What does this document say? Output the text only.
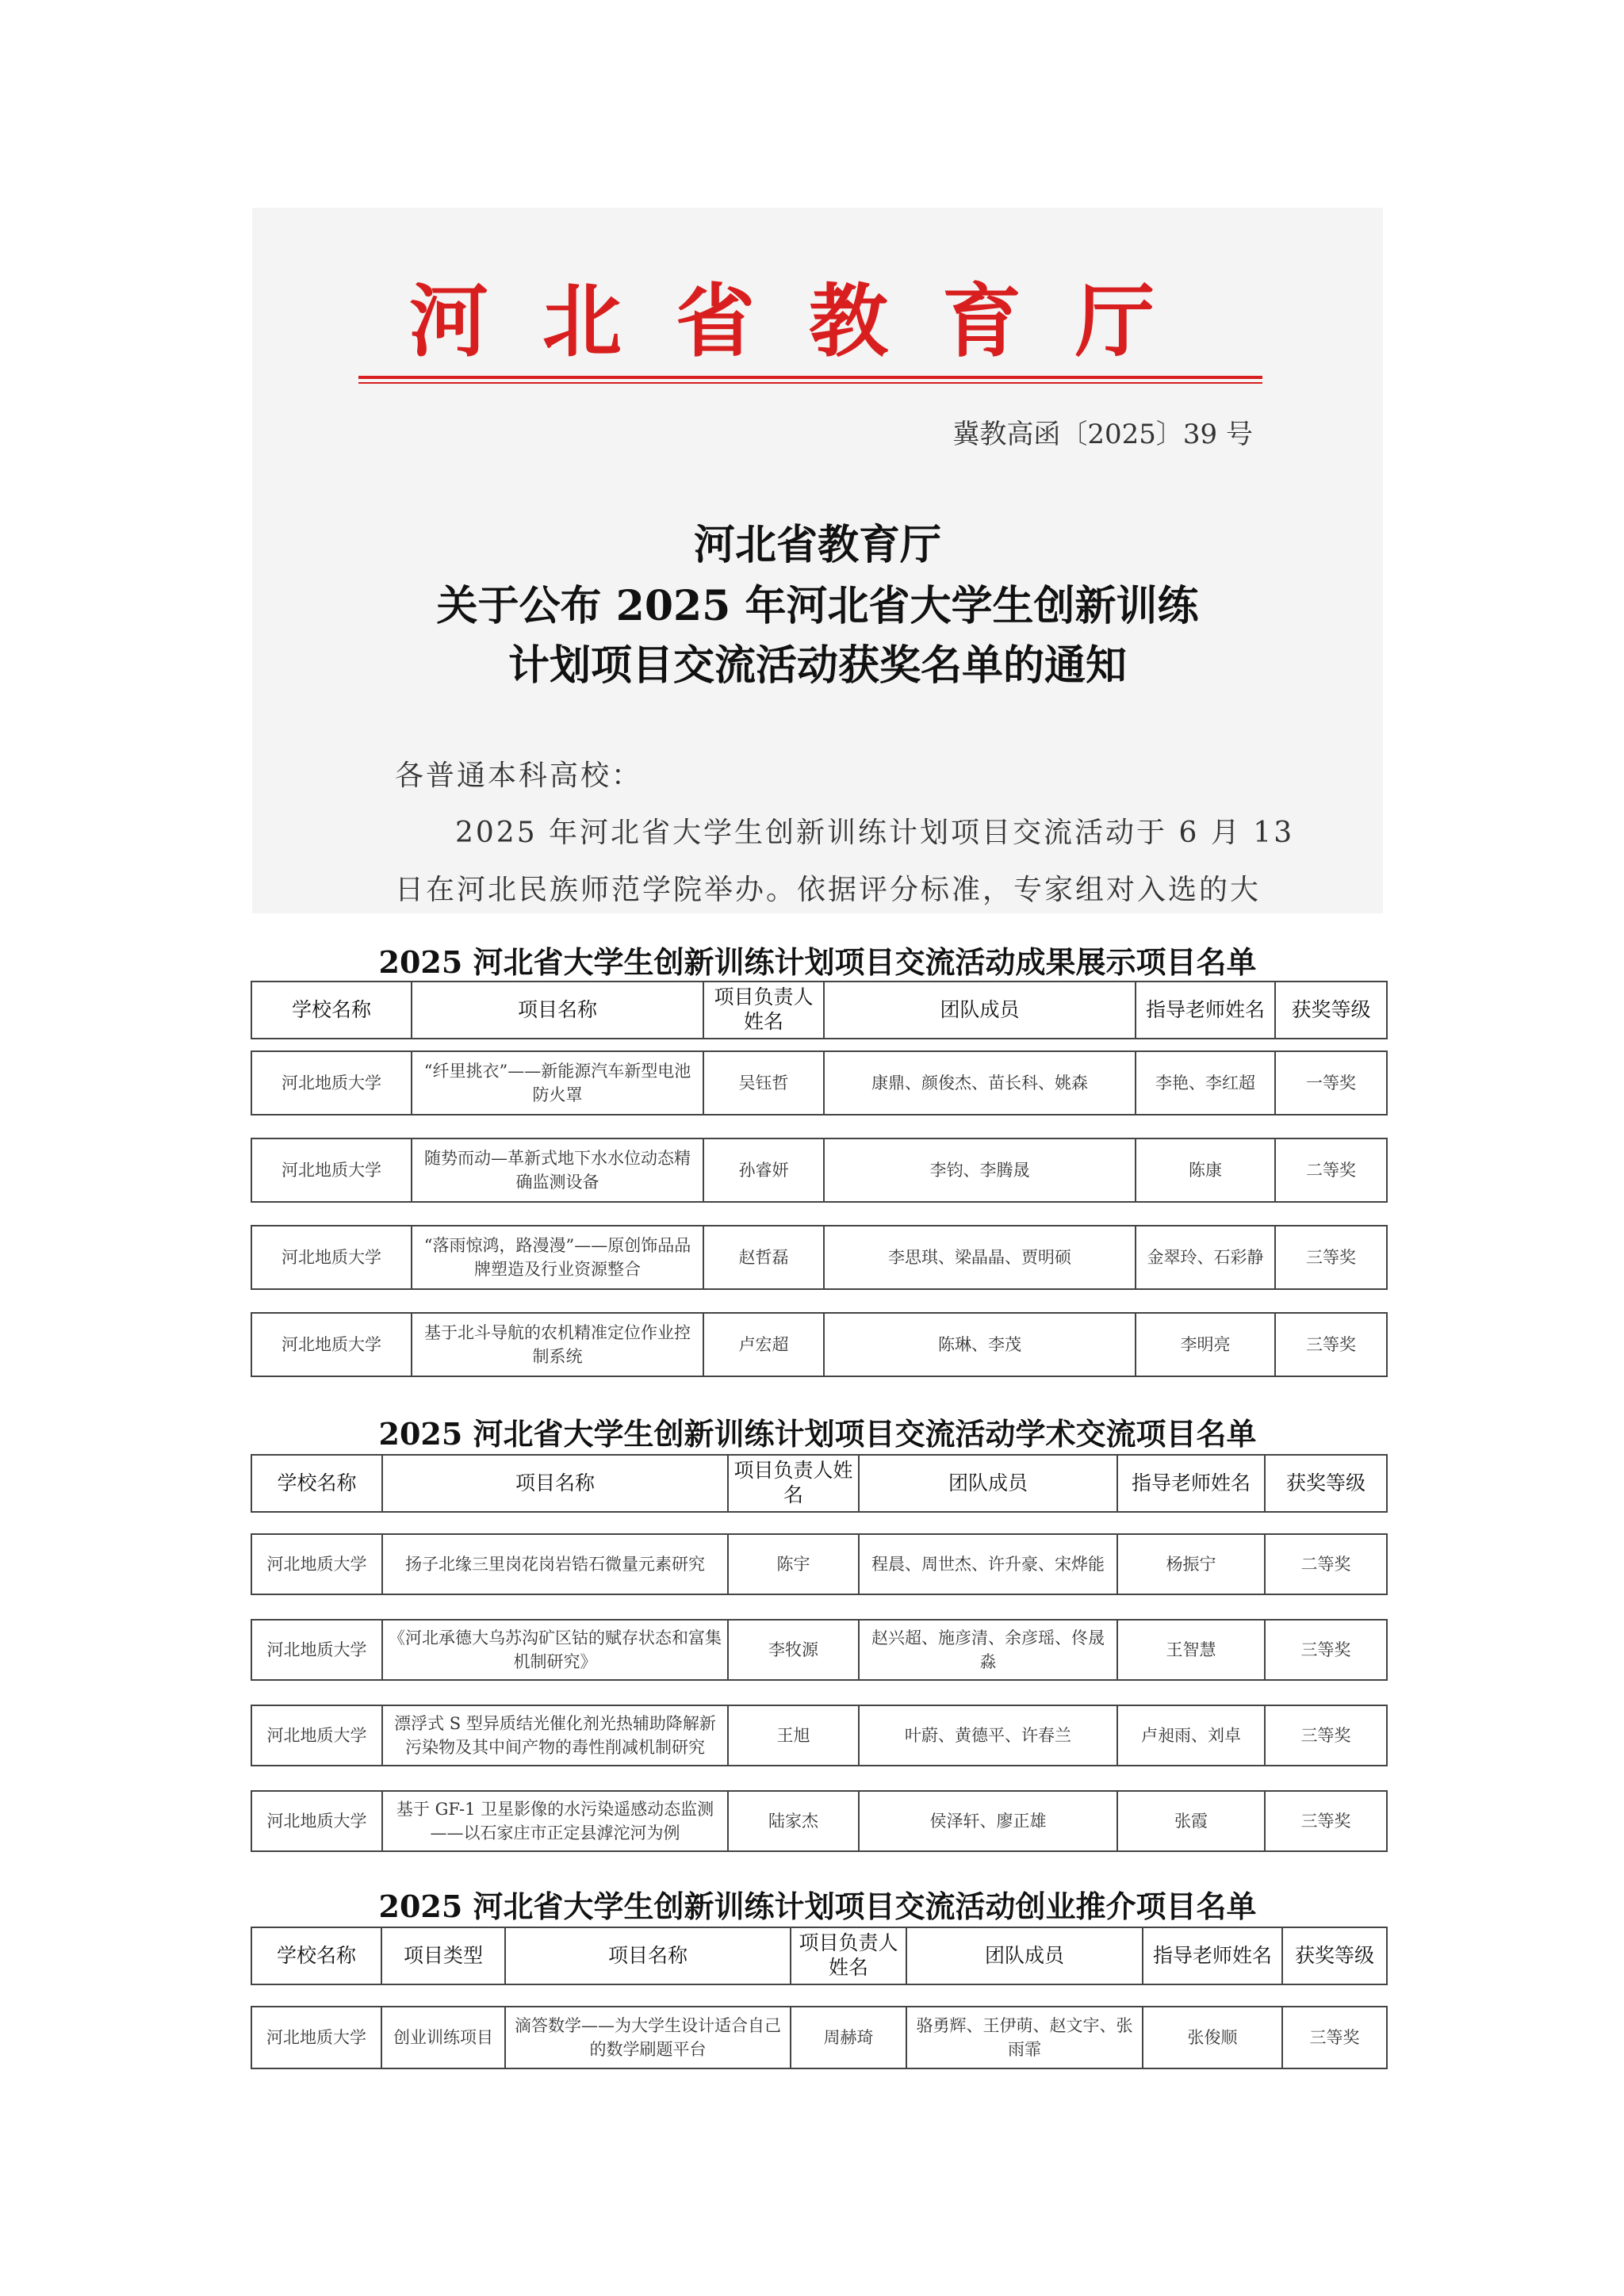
河北省教育厅
冀教高函〔2025〕39 号
河北省教育厅
关于公布 2025 年河北省大学生创新训练
计划项目交流活动获奖名单的通知
各普通本科高校：
2025 年河北省大学生创新训练计划项目交流活动于 6 月 13
日在河北民族师范学院举办。依据评分标准，专家组对入选的大
2025 河北省大学生创新训练计划项目交流活动成果展示项目名单
学校名称	项目名称	项目负责人姓名	团队成员	指导老师姓名	获奖等级

河北地质大学	“纤里挑衣”——新能源汽车新型电池防火罩	吴钰哲	康鼎、颜俊杰、苗长科、姚森	李艳、李红超	一等奖

河北地质大学	随势而动—革新式地下水水位动态精确监测设备	孙睿妍	李钧、李腾晟	陈康	二等奖

河北地质大学	“落雨惊鸿，路漫漫”——原创饰品品牌塑造及行业资源整合	赵哲磊	李思琪、梁晶晶、贾明硕	金翠玲、石彩静	三等奖

河北地质大学	基于北斗导航的农机精准定位作业控制系统	卢宏超	陈琳、李茂	李明亮	三等奖
2025 河北省大学生创新训练计划项目交流活动学术交流项目名单
学校名称	项目名称	项目负责人姓名	团队成员	指导老师姓名	获奖等级

河北地质大学	扬子北缘三里岗花岗岩锆石微量元素研究	陈宇	程晨、周世杰、许升豪、宋烨能	杨振宁	二等奖

河北地质大学	《河北承德大乌苏沟矿区钴的赋存状态和富集机制研究》	李牧源	赵兴超、施彦清、余彦瑶、佟晟淼	王智慧	三等奖

河北地质大学	漂浮式 S 型异质结光催化剂光热辅助降解新污染物及其中间产物的毒性削减机制研究	王旭	叶蔚、黄德平、许春兰	卢昶雨、刘卓	三等奖

河北地质大学	基于 GF-1 卫星影像的水污染遥感动态监测——以石家庄市正定县滹沱河为例	陆家杰	侯泽轩、廖正雄	张霞	三等奖
2025 河北省大学生创新训练计划项目交流活动创业推介项目名单
学校名称	项目类型	项目名称	项目负责人姓名	团队成员	指导老师姓名	获奖等级

河北地质大学	创业训练项目	滴答数学——为大学生设计适合自己的数学刷题平台	周赫琦	骆勇辉、王伊萌、赵文宇、张雨霏	张俊顺	三等奖
